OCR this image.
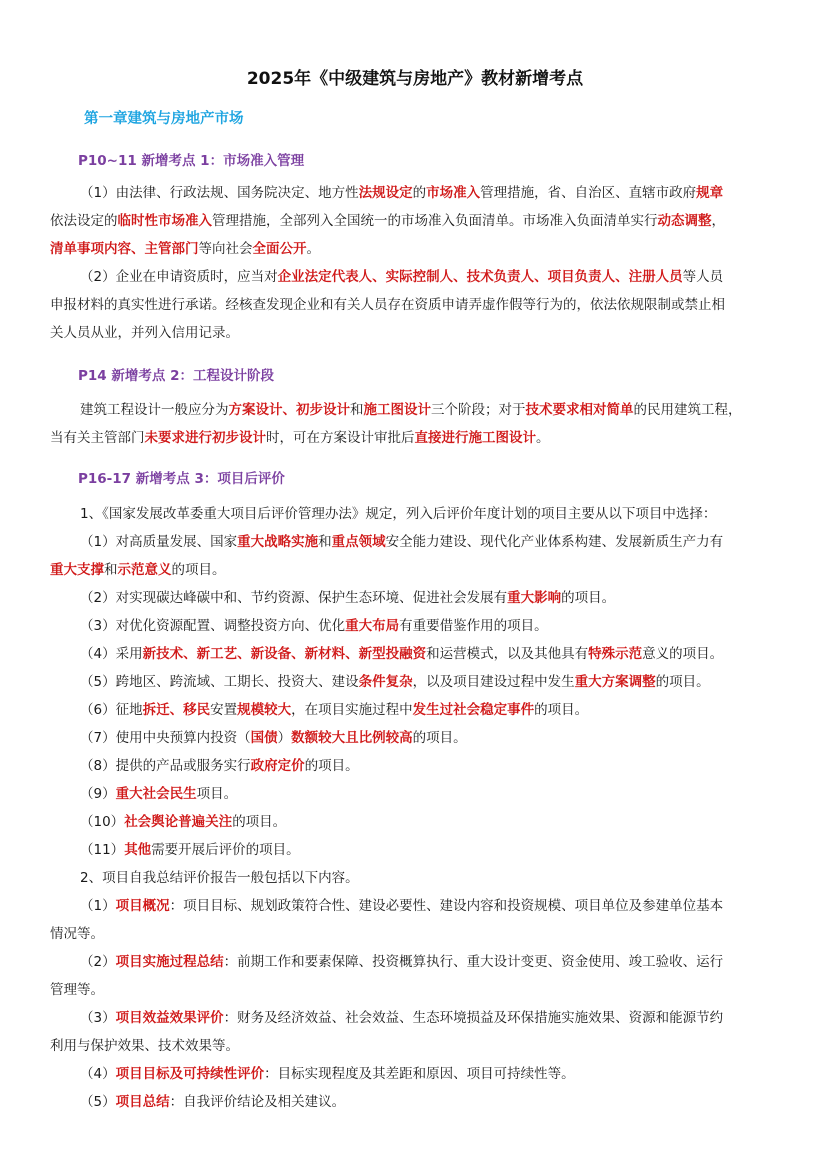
2025年《中级建筑与房地产》教材新增考点
第一章建筑与房地产市场
P10~11 新增考点 1：市场准入管理
（1）由法律、行政法规、国务院决定、地方性法规设定的市场准入管理措施，省、自治区、直辖市政府规章
依法设定的临时性市场准入管理措施，全部列入全国统一的市场准入负面清单。市场准入负面清单实行动态调整，
清单事项内容、主管部门等向社会全面公开。
（2）企业在申请资质时，应当对企业法定代表人、实际控制人、技术负责人、项目负责人、注册人员等人员
申报材料的真实性进行承诺。经核查发现企业和有关人员存在资质申请弄虚作假等行为的，依法依规限制或禁止相
关人员从业，并列入信用记录。
P14 新增考点 2：工程设计阶段
建筑工程设计一般应分为方案设计、初步设计和施工图设计三个阶段；对于技术要求相对简单的民用建筑工程，
当有关主管部门未要求进行初步设计时，可在方案设计审批后直接进行施工图设计。
P16-17 新增考点 3：项目后评价
1、《国家发展改革委重大项目后评价管理办法》规定，列入后评价年度计划的项目主要从以下项目中选择：
（1）对高质量发展、国家重大战略实施和重点领域安全能力建设、现代化产业体系构建、发展新质生产力有
重大支撑和示范意义的项目。
（2）对实现碳达峰碳中和、节约资源、保护生态环境、促进社会发展有重大影响的项目。
（3）对优化资源配置、调整投资方向、优化重大布局有重要借鉴作用的项目。
（4）采用新技术、新工艺、新设备、新材料、新型投融资和运营模式，以及其他具有特殊示范意义的项目。
（5）跨地区、跨流域、工期长、投资大、建设条件复杂，以及项目建设过程中发生重大方案调整的项目。
（6）征地拆迁、移民安置规模较大，在项目实施过程中发生过社会稳定事件的项目。
（7）使用中央预算内投资（国债）数额较大且比例较高的项目。
（8）提供的产品或服务实行政府定价的项目。
（9）重大社会民生项目。
（10）社会舆论普遍关注的项目。
（11）其他需要开展后评价的项目。
2、项目自我总结评价报告一般包括以下内容。
（1）项目概况：项目目标、规划政策符合性、建设必要性、建设内容和投资规模、项目单位及参建单位基本
情况等。
（2）项目实施过程总结：前期工作和要素保障、投资概算执行、重大设计变更、资金使用、竣工验收、运行
管理等。
（3）项目效益效果评价：财务及经济效益、社会效益、生态环境损益及环保措施实施效果、资源和能源节约
利用与保护效果、技术效果等。
（4）项目目标及可持续性评价：目标实现程度及其差距和原因、项目可持续性等。
（5）项目总结：自我评价结论及相关建议。
